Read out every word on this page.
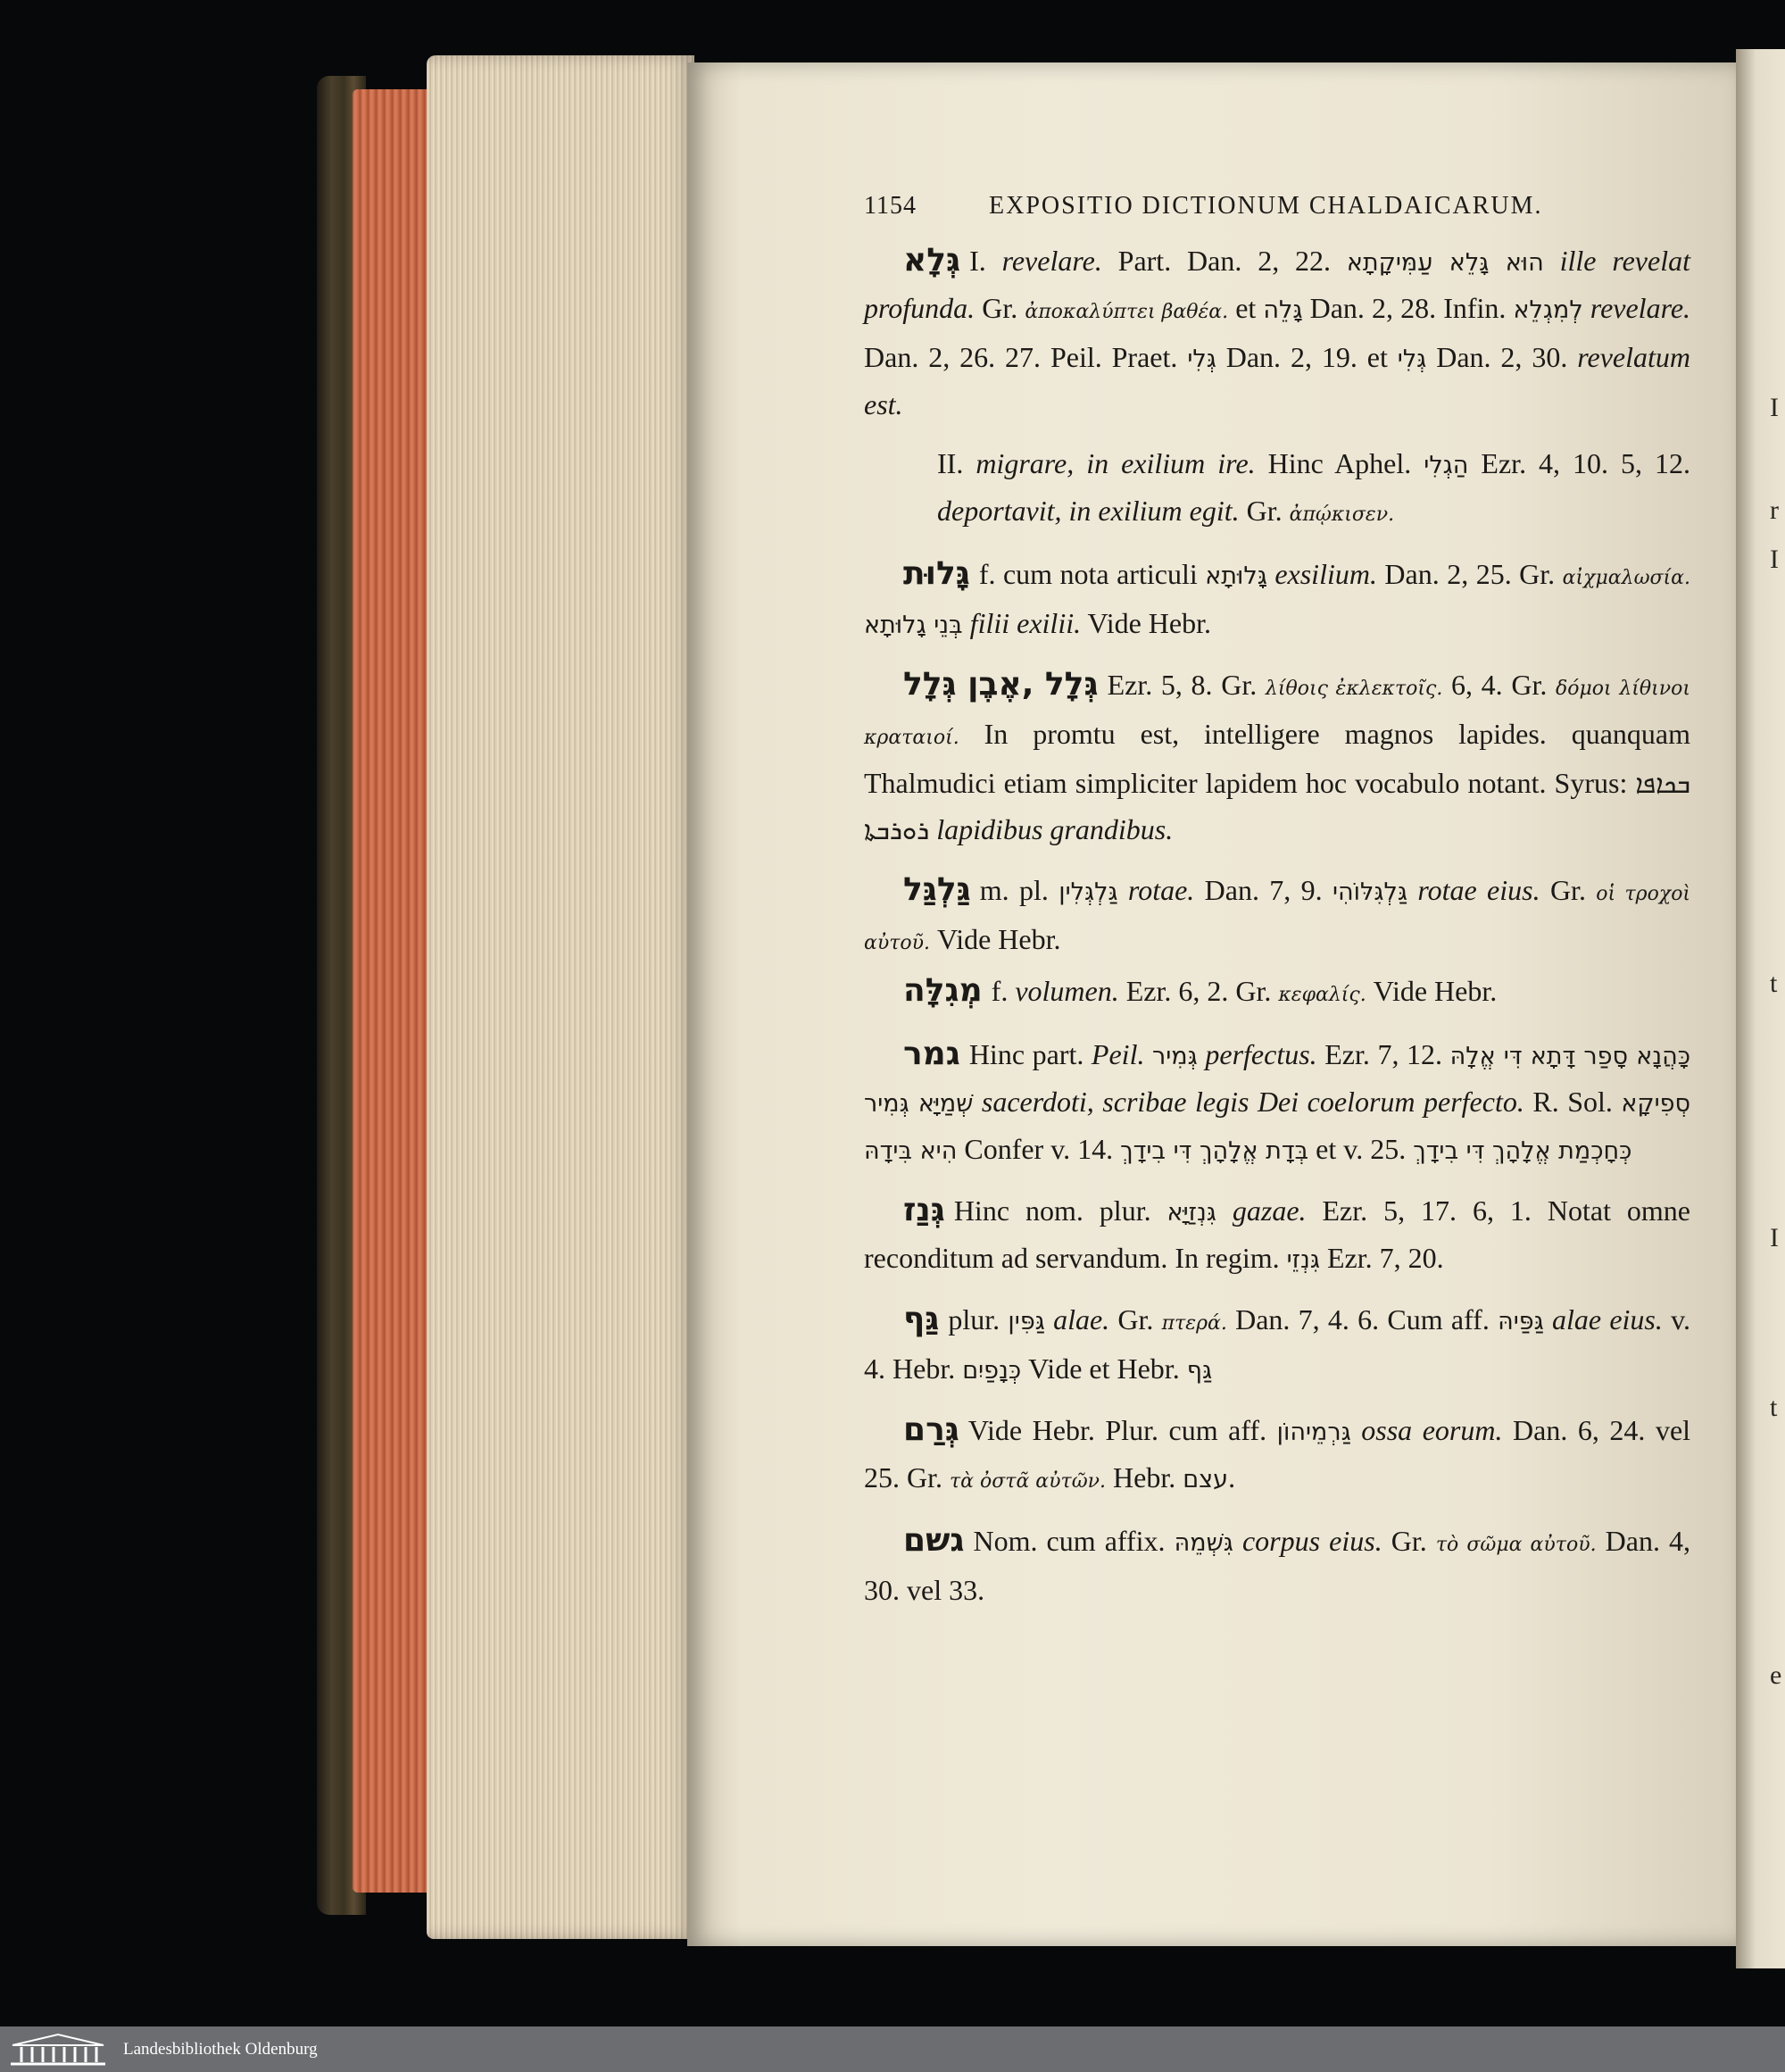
I
r
I
t
I
t
e
1154	EXPOSITIO DICTIONUM CHALDAICARUM.
גְּלָא I. revelare. Part. Dan. 2, 22. הוּא גָּלֵא עַמִּיקָתָא ille revelat profunda. Gr. ἀποκαλύπτει βαθέα. et גָּלֵה Dan. 2, 28. Infin. לְמִגְלֵא revelare. Dan. 2, 26. 27. Peil. Praet. גְּלִי Dan. 2, 19. et גְּלִי Dan. 2, 30. revelatum est.
II. migrare, in exilium ire. Hinc Aphel. הַגְלִי Ezr. 4, 10. 5, 12. deportavit, in exilium egit. Gr. ἀπῴκισεν.
גָּלוּת f. cum nota articuli גָּלוּתָא exsilium. Dan. 2, 25. Gr. αἰχμαλωσία. בְּנֵי גָלוּתָא filii exilii. Vide Hebr.
גְּלָל ,אֶבֶן גְּלָל Ezr. 5, 8. Gr. λίθοις ἐκλεκτοῖς. 6, 4. Gr. δόμοι λίθινοι κραταιοί. In promtu est, intelligere magnos lapides. quanquam Thalmudici etiam simpliciter lapidem hoc vocabulo notant. Syrus: ܒܟܐܦܐ ܪܘܪܒܬܐ lapidibus grandibus.
גַּלְגַּל m. pl. גַּלְגְּלִין rotae. Dan. 7, 9. גַּלְגִּלּוֹהִי rotae eius. Gr. οἱ τροχοὶ αὐτοῦ. Vide Hebr.
מְגִלָּה f. volumen. Ezr. 6, 2. Gr. κεφαλίς. Vide Hebr.
גמר Hinc part. Peil. גְּמִיר perfectus. Ezr. 7, 12. כָּהֲנָא סָפַר דָּתָא דִּי אֱלָהּ שְׁמַיָּא גְּמִיר sacerdoti, scribae legis Dei coelorum perfecto. R. Sol. סְפִיקָא הִיא בִּידָהּ Confer v. 14. בְּדָת אֱלָהָךְ דִּי בִידָךְ et v. 25. כְּחָכְמַת אֱלָהָךְ דִּי בִידָךְ
גְּנַז Hinc nom. plur. גִּנְזַיָּא gazae. Ezr. 5, 17. 6, 1. Notat omne reconditum ad servandum. In regim. גִּנְזֵי Ezr. 7, 20.
גַּף plur. גַּפִּין alae. Gr. πτερά. Dan. 7, 4. 6. Cum aff. גַּפַּיהּ alae eius. v. 4. Hebr. כְּנָפַיִם Vide et Hebr. גַּף
גְּרַם Vide Hebr. Plur. cum aff. גַּרְמֵיהוֹן ossa eorum. Dan. 6, 24. vel 25. Gr. τὰ ὀστᾶ αὐτῶν. Hebr. עצם.
גשם Nom. cum affix. גִּשְׁמֵהּ corpus eius. Gr. τὸ σῶμα αὐτοῦ. Dan. 4, 30. vel 33.
Landesbibliothek Oldenburg
